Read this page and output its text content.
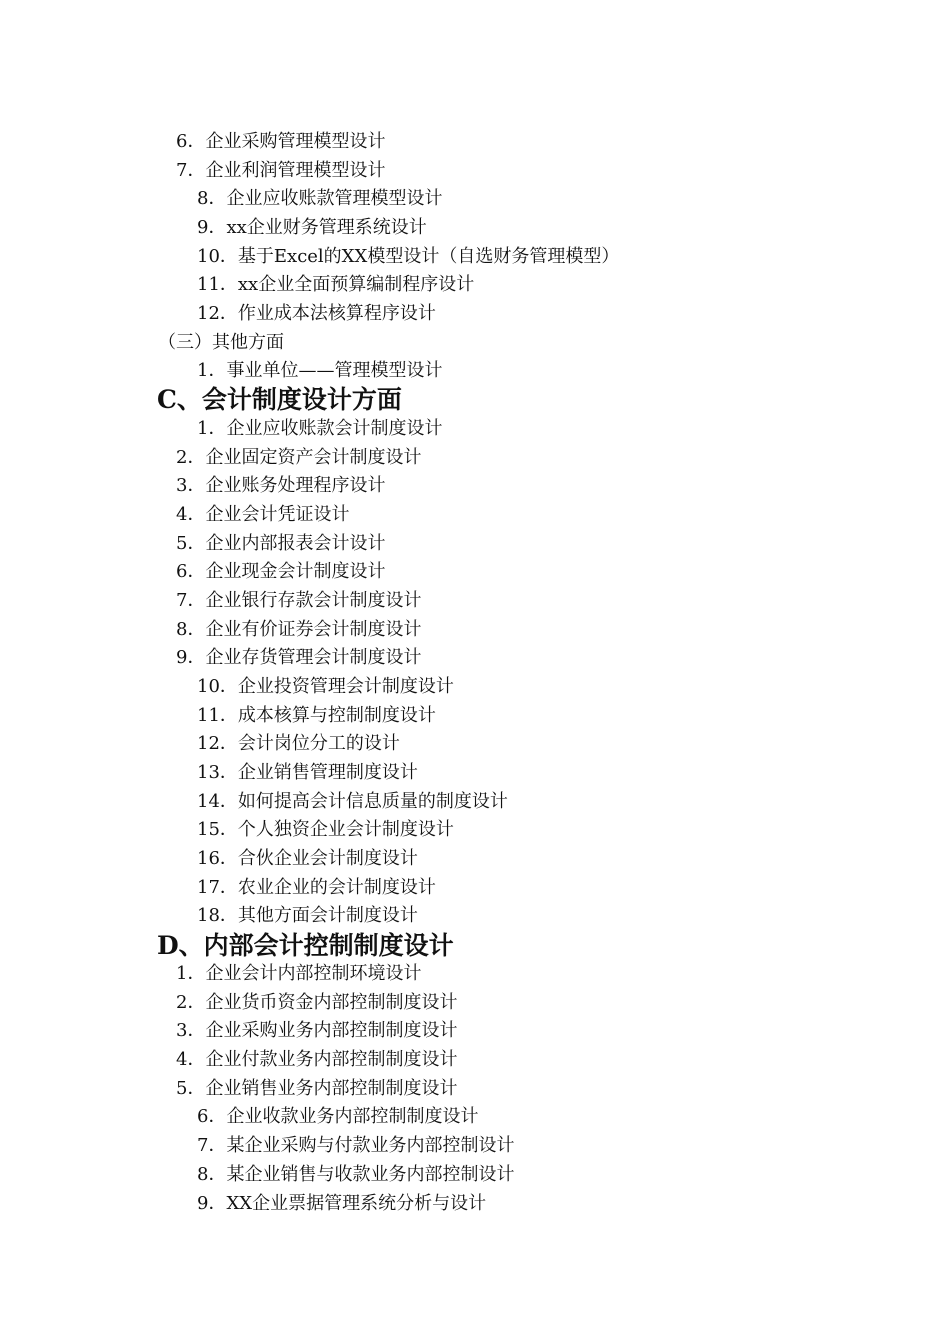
6．企业采购管理模型设计
7．企业利润管理模型设计
8．企业应收账款管理模型设计
9．xx企业财务管理系统设计
10．基于Excel的XX模型设计（自选财务管理模型）
11．xx企业全面预算编制程序设计
12．作业成本法核算程序设计
（三）其他方面
1．事业单位——管理模型设计
C、会计制度设计方面
1．企业应收账款会计制度设计
2．企业固定资产会计制度设计
3．企业账务处理程序设计
4．企业会计凭证设计
5．企业内部报表会计设计
6．企业现金会计制度设计
7．企业银行存款会计制度设计
8．企业有价证券会计制度设计
9．企业存货管理会计制度设计
10．企业投资管理会计制度设计
11．成本核算与控制制度设计
12．会计岗位分工的设计
13．企业销售管理制度设计
14．如何提高会计信息质量的制度设计
15．个人独资企业会计制度设计
16．合伙企业会计制度设计
17．农业企业的会计制度设计
18．其他方面会计制度设计
D、内部会计控制制度设计
1．企业会计内部控制环境设计
2．企业货币资金内部控制制度设计
3．企业采购业务内部控制制度设计
4．企业付款业务内部控制制度设计
5．企业销售业务内部控制制度设计
6．企业收款业务内部控制制度设计
7．某企业采购与付款业务内部控制设计
8．某企业销售与收款业务内部控制设计
9．XX企业票据管理系统分析与设计
